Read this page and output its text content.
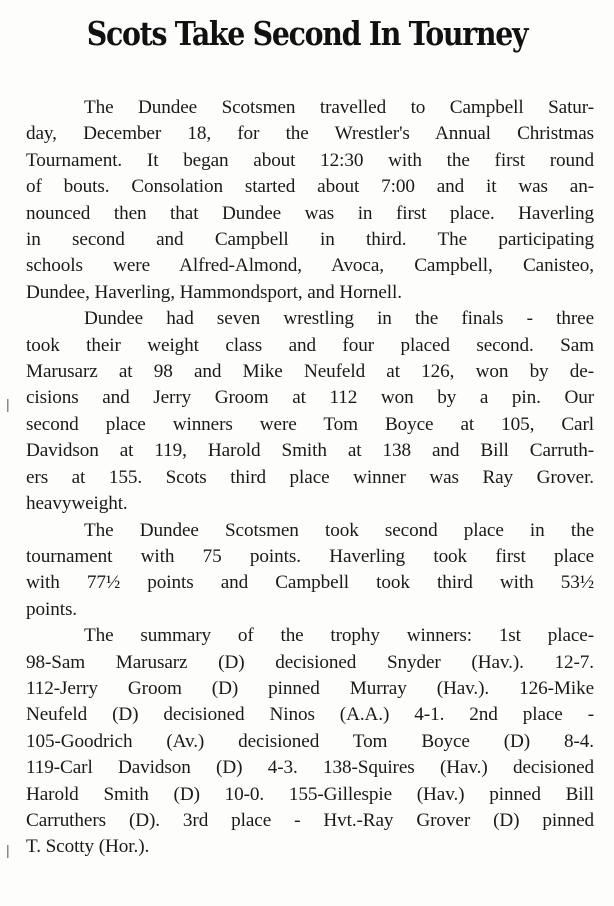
Scots Take Second In Tourney
The Dundee Scotsmen travelled to Campbell Satur-
day, December 18, for the Wrestler's Annual Christmas
Tournament. It began about 12:30 with the first round
of bouts. Consolation started about 7:00 and it was an-
nounced then that Dundee was in first place. Haverling
in second and Campbell in third. The participating
schools were Alfred-Almond, Avoca, Campbell, Canisteo,
Dundee, Haverling, Hammondsport, and Hornell.
Dundee had seven wrestling in the finals - three
took their weight class and four placed second. Sam
Marusarz at 98 and Mike Neufeld at 126, won by de-
cisions and Jerry Groom at 112 won by a pin. Our
second place winners were Tom Boyce at 105, Carl
Davidson at 119, Harold Smith at 138 and Bill Carruth-
ers at 155. Scots third place winner was Ray Grover.
heavyweight.
The Dundee Scotsmen took second place in the
tournament with 75 points. Haverling took first place
with 77½ points and Campbell took third with 53½
points.
The summary of the trophy winners: 1st place-
98-Sam Marusarz (D) decisioned Snyder (Hav.). 12-7.
112-Jerry Groom (D) pinned Murray (Hav.). 126-Mike
Neufeld (D) decisioned Ninos (A.A.) 4-1. 2nd place -
105-Goodrich (Av.) decisioned Tom Boyce (D) 8-4.
119-Carl Davidson (D) 4-3. 138-Squires (Hav.) decisioned
Harold Smith (D) 10-0. 155-Gillespie (Hav.) pinned Bill
Carruthers (D). 3rd place - Hvt.-Ray Grover (D) pinned
T. Scotty (Hor.).
|
|
